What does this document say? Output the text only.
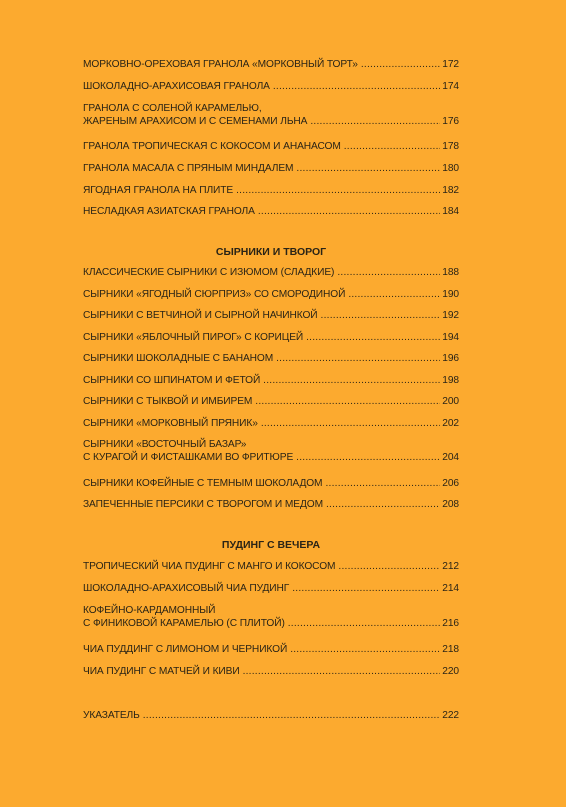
МОРКОВНО-ОРЕХОВАЯ ГРАНОЛА «МОРКОВНЫЙ ТОРТ» . . .	172
ШОКОЛАДНО-АРАХИСОВАЯ ГРАНОЛА . . .	174
ГРАНОЛА С СОЛЕНОЙ КАРАМЕЛЬЮ,
ЖАРЕНЫМ АРАХИСОМ И С СЕМЕНАМИ ЛЬНА . . .	176
ГРАНОЛА ТРОПИЧЕСКАЯ С КОКОСОМ И АНАНАСОМ . . .	178
ГРАНОЛА МАСАЛА С ПРЯНЫМ МИНДАЛЕМ . . .	180
ЯГОДНАЯ ГРАНОЛА НА ПЛИТЕ . . .	182
НЕСЛАДКАЯ АЗИАТСКАЯ ГРАНОЛА . . .	184
СЫРНИКИ И ТВОРОГ
КЛАССИЧЕСКИЕ СЫРНИКИ С ИЗЮМОМ (СЛАДКИЕ) . . .	188
СЫРНИКИ «ЯГОДНЫЙ СЮРПРИЗ» СО СМОРОДИНОЙ . . .	190
СЫРНИКИ С ВЕТЧИНОЙ И СЫРНОЙ НАЧИНКОЙ . . .	192
СЫРНИКИ «ЯБЛОЧНЫЙ ПИРОГ» С КОРИЦЕЙ . . .	194
СЫРНИКИ ШОКОЛАДНЫЕ С БАНАНОМ . . .	196
СЫРНИКИ СО ШПИНАТОМ И ФЕТОЙ . . .	198
СЫРНИКИ С ТЫКВОЙ И ИМБИРЕМ . . .	200
СЫРНИКИ «МОРКОВНЫЙ ПРЯНИК» . . .	202
СЫРНИКИ «ВОСТОЧНЫЙ БАЗАР»
С КУРАГОЙ И ФИСТАШКАМИ ВО ФРИТЮРЕ . . .	204
СЫРНИКИ КОФЕЙНЫЕ С ТЕМНЫМ ШОКОЛАДОМ . . .	206
ЗАПЕЧЕННЫЕ ПЕРСИКИ С ТВОРОГОМ И МЕДОМ . . .	208
ПУДИНГ С ВЕЧЕРА
ТРОПИЧЕСКИЙ ЧИА ПУДИНГ С МАНГО И КОКОСОМ . . .	212
ШОКОЛАДНО-АРАХИСОВЫЙ ЧИА ПУДИНГ . . .	214
КОФЕЙНО-КАРДАМОННЫЙ
С ФИНИКОВОЙ КАРАМЕЛЬЮ (С ПЛИТОЙ) . . .	216
ЧИА ПУДДИНГ С ЛИМОНОМ И ЧЕРНИКОЙ . . .	218
ЧИА ПУДИНГ С МАТЧЕЙ И КИВИ . . .	220
УКАЗАТЕЛЬ . . .	222
